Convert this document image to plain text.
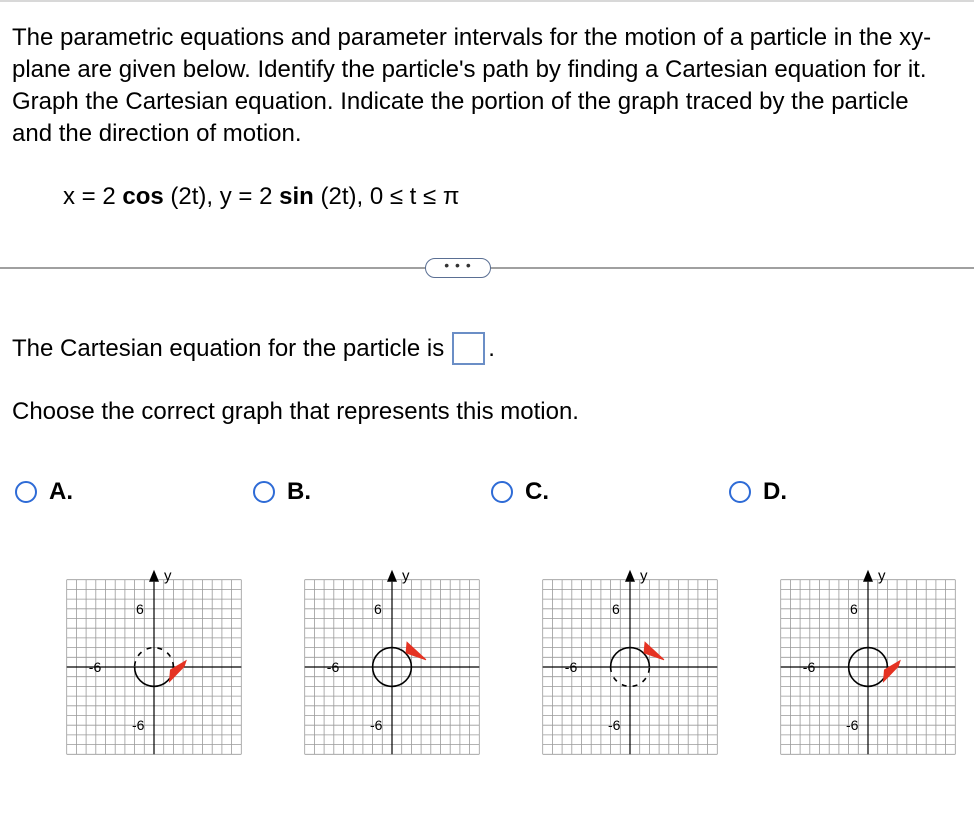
The parametric equations and parameter intervals for the motion of a particle in the xy-plane are given below. Identify the particle's path by finding a Cartesian equation for it. Graph the Cartesian equation. Indicate the portion of the graph traced by the particle and the direction of motion.
x = 2 cos (2t), y = 2 sin (2t), 0 ≤ t ≤ π
• • •
The Cartesian equation for the particle is .
Choose the correct graph that represents this motion.
A.	B.	C.	D.
y
6
-6
-6
y
6
-6
-6
y
6
-6
-6
y
6
-6
-6
